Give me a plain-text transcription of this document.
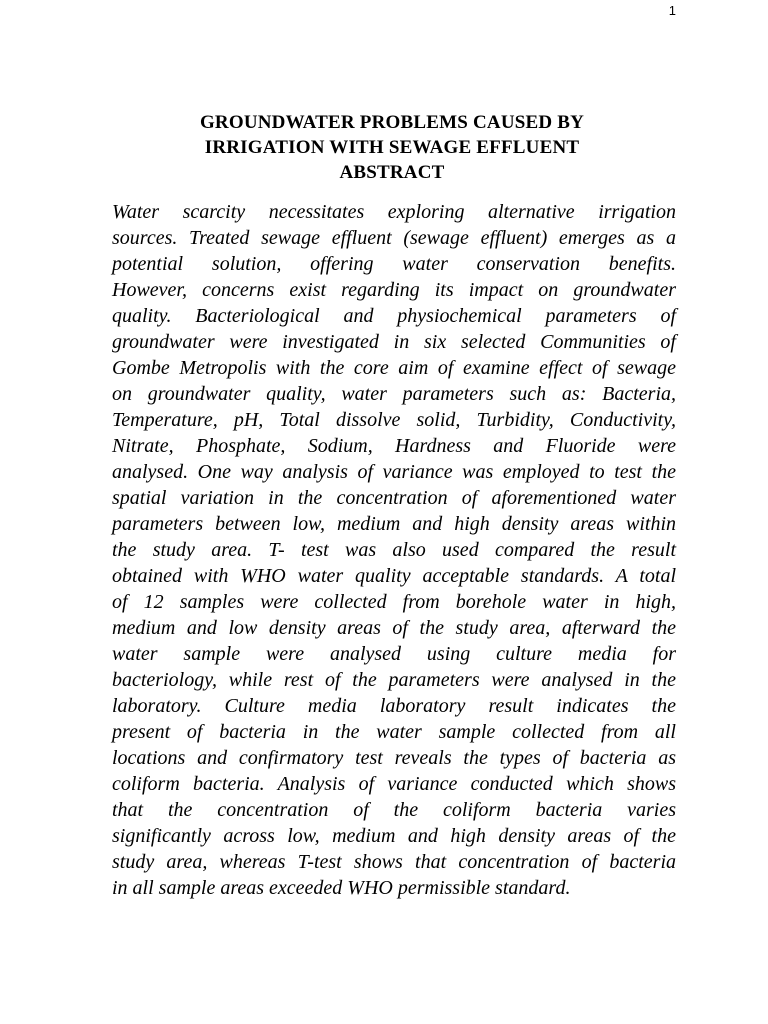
1
GROUNDWATER PROBLEMS CAUSED BY
IRRIGATION WITH SEWAGE EFFLUENT
ABSTRACT
Water scarcity necessitates exploring alternative irrigation
sources. Treated sewage effluent (sewage effluent) emerges as a
potential solution, offering water conservation benefits.
However, concerns exist regarding its impact on groundwater
quality. Bacteriological and physiochemical parameters of
groundwater were investigated in six selected Communities of
Gombe Metropolis with the core aim of examine effect of sewage
on groundwater quality, water parameters such as: Bacteria,
Temperature, pH, Total dissolve solid, Turbidity, Conductivity,
Nitrate, Phosphate, Sodium, Hardness and Fluoride were
analysed. One way analysis of variance was employed to test the
spatial variation in the concentration of aforementioned water
parameters between low, medium and high density areas within
the study area. T- test was also used compared the result
obtained with WHO water quality acceptable standards. A total
of 12 samples were collected from borehole water in high,
medium and low density areas of the study area, afterward the
water sample were analysed using culture media for
bacteriology, while rest of the parameters were analysed in the
laboratory. Culture media laboratory result indicates the
present of bacteria in the water sample collected from all
locations and confirmatory test reveals the types of bacteria as
coliform bacteria. Analysis of variance conducted which shows
that the concentration of the coliform bacteria varies
significantly across low, medium and high density areas of the
study area, whereas T-test shows that concentration of bacteria
in all sample areas exceeded WHO permissible standard.
